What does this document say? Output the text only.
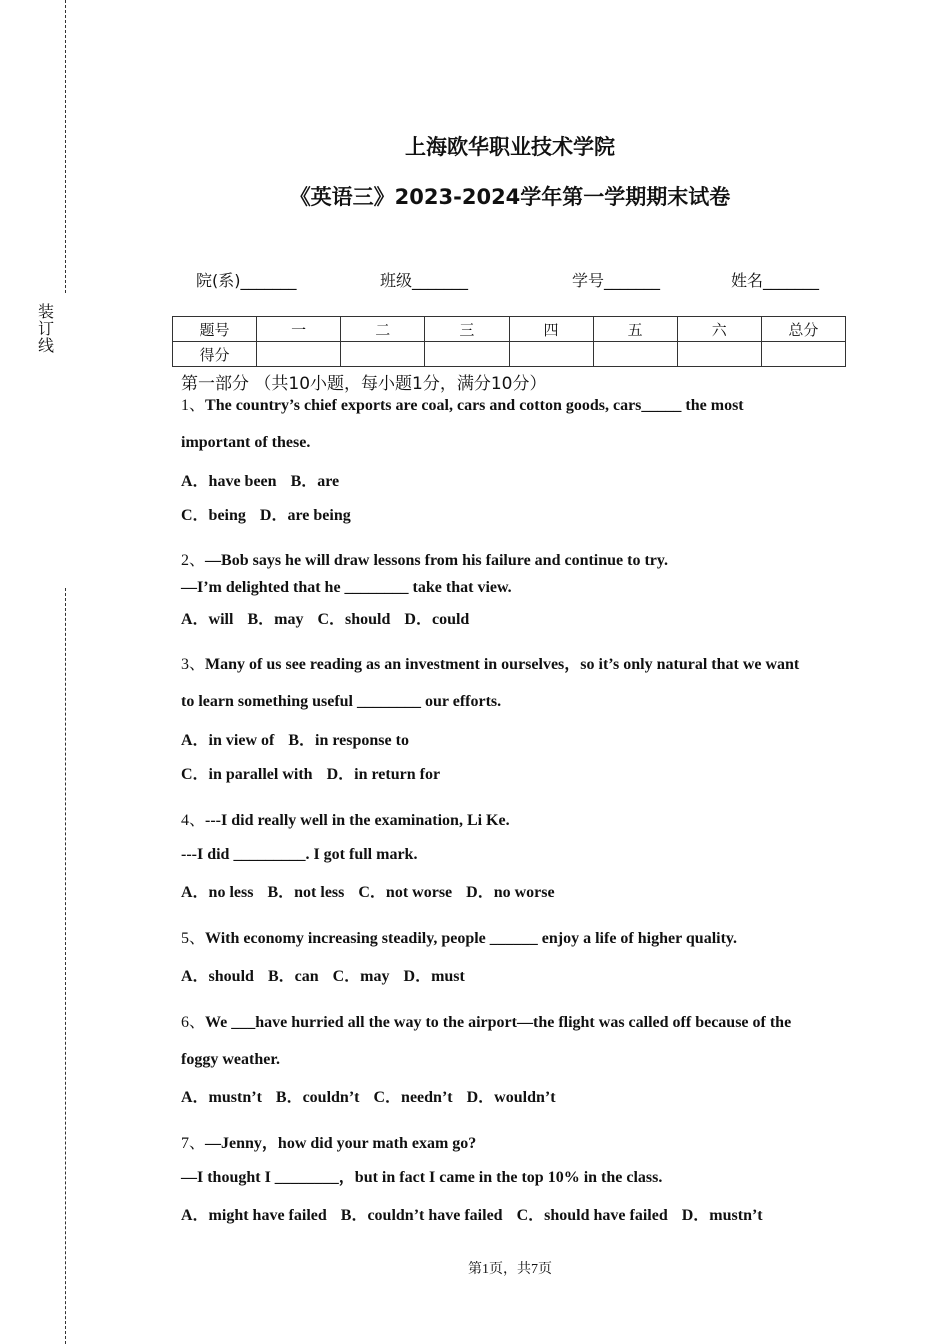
装订线
上海欧华职业技术学院
《英语三》2023-2024学年第一学期期末试卷
院(系)_______	班级_______	学号_______	姓名_______
题号	一	二	三	四	五	六	总分
得分							
第一部分 （共10小题，每小题1分，满分10分）
1、The country’s chief exports are coal, cars and cotton goods, cars_____ the most
important of these.
A．have been B．are
C．being D．are being
2、—Bob says he will draw lessons from his failure and continue to try.
—I’m delighted that he ________ take that view.
A．will B．may C．should D．could
3、Many of us see reading as an investment in ourselves，so it’s only natural that we want
to learn something useful ________ our efforts.
A．in view of B．in response to
C．in parallel with D．in return for
4、---I did really well in the examination, Li Ke.
---I did _________. I got full mark.
A．no less B．not less C．not worse D．no worse
5、With economy increasing steadily, people ______ enjoy a life of higher quality.
A．should B．can C．may D．must
6、We ___have hurried all the way to the airport—the flight was called off because of the
foggy weather.
A．mustn’t B．couldn’t C．needn’t D．wouldn’t
7、—Jenny，how did your math exam go?
—I thought I ________，but in fact I came in the top 10% in the class.
A．might have failed B．couldn’t have failed C．should have failed D．mustn’t
第1页，共7页
